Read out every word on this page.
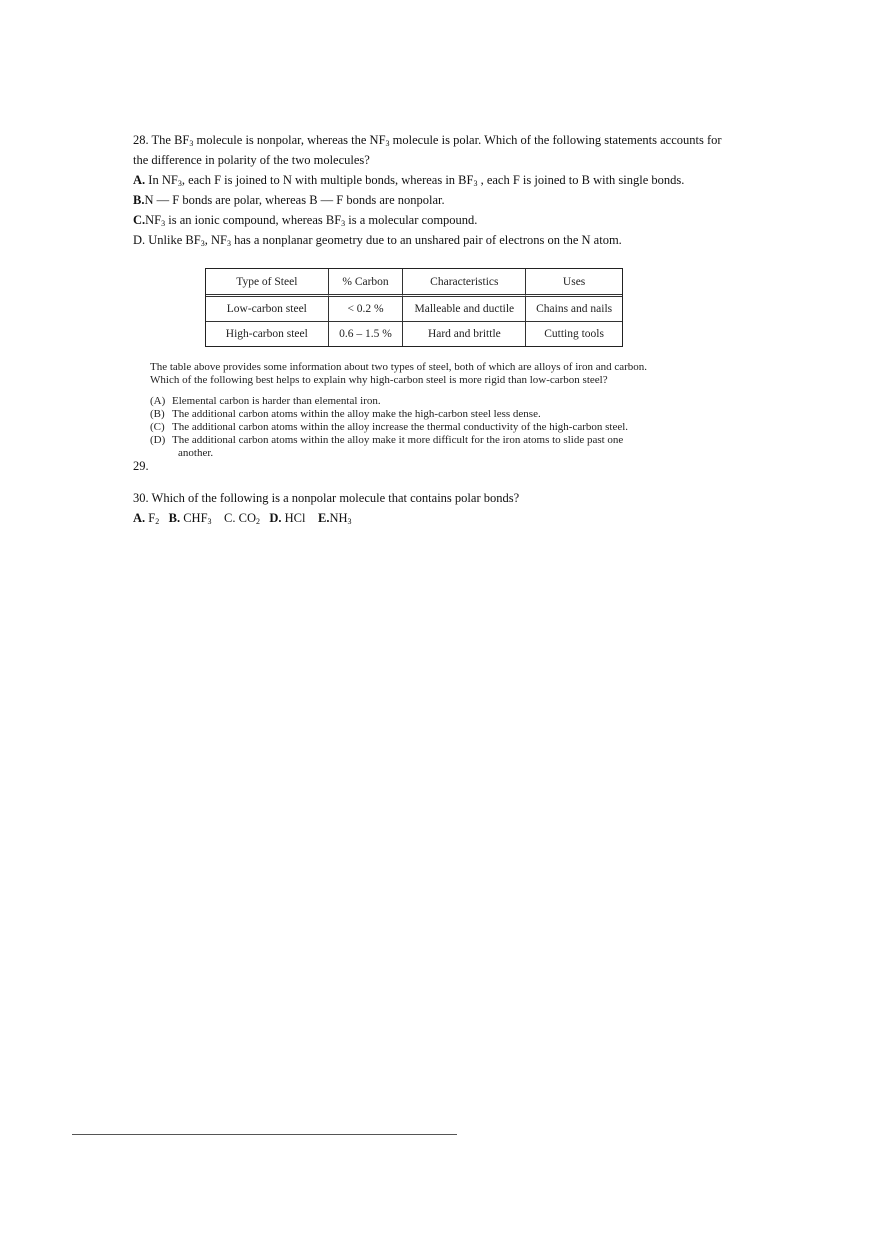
28. The $BF_3$ molecule is nonpolar, whereas the $NF_3$ molecule is polar. Which of the following statements accounts for
the difference in polarity of the two molecules?
A. In $NF_3$, each F is joined to N with multiple bonds, whereas in $BF_3$ , each F is joined to B with single bonds.
B.N — F bonds are polar, whereas B — F bonds are nonpolar.
$C.NF_3$ is an ionic compound, whereas $BF_3$ is a molecular compound.
D. Unlike $BF_3$, $NF_3$ has a nonplanar geometry due to an unshared pair of electrons on the N atom.
Type of Steel	% Carbon	Characteristics	Uses
Low-carbon steel	< 0.2 %	Malleable and ductile	Chains and nails
High-carbon steel	0.6 – 1.5 %	Hard and brittle	Cutting tools
The table above provides some information about two types of steel, both of which are alloys of iron and carbon.
Which of the following best helps to explain why high-carbon steel is more rigid than low-carbon steel?
(A) Elemental carbon is harder than elemental iron.
(B) The additional carbon atoms within the alloy make the high-carbon steel less dense.
(C) The additional carbon atoms within the alloy increase the thermal conductivity of the high-carbon steel.
(D) The additional carbon atoms within the alloy make it more difficult for the iron atoms to slide past one
another.
29.
30. Which of the following is a nonpolar molecule that contains polar bonds?
A. $F_2$ B. $CHF_3$ C. $CO_2$ D. HCl $E.NH_3$
